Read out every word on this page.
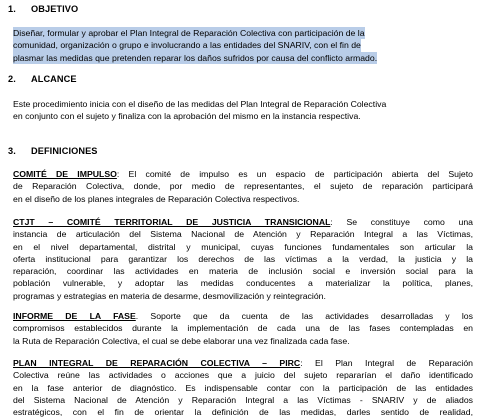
1. OBJETIVO
Diseñar, formular y aprobar el Plan Integral de Reparación Colectiva con participación de la comunidad, organización o grupo e involucrando a las entidades del SNARIV, con el fin de plasmar las medidas que pretenden reparar los daños sufridos por causa del conflicto armado.
2. ALCANCE
Este procedimiento inicia con el diseño de las medidas del Plan Integral de Reparación Colectiva
en conjunto con el sujeto y finaliza con la aprobación del mismo en la instancia respectiva.
3. DEFINICIONES
COMITÉ DE IMPULSO: El comité de impulso es un espacio de participación abierta del Sujeto
de Reparación Colectiva, donde, por medio de representantes, el sujeto de reparación participará
en el diseño de los planes integrales de Reparación Colectiva respectivos.
CTJT – COMITÉ TERRITORIAL DE JUSTICIA TRANSICIONAL: Se constituye como una
instancia de articulación del Sistema Nacional de Atención y Reparación Integral a las Víctimas,
en el nivel departamental, distrital y municipal, cuyas funciones fundamentales son articular la
oferta institucional para garantizar los derechos de las víctimas a la verdad, la justicia y la
reparación, coordinar las actividades en materia de inclusión social e inversión social para la
población vulnerable, y adoptar las medidas conducentes a materializar la política, planes,
programas y estrategias en materia de desarme, desmovilización y reintegración.
INFORME DE LA FASE. Soporte que da cuenta de las actividades desarrolladas y los
compromisos establecidos durante la implementación de cada una de las fases contempladas en
la Ruta de Reparación Colectiva, el cual se debe elaborar una vez finalizada cada fase.
PLAN INTEGRAL DE REPARACIÓN COLECTIVA – PIRC: El Plan Integral de Reparación
Colectiva reúne las actividades o acciones que a juicio del sujeto repararían el daño identificado
en la fase anterior de diagnóstico. Es indispensable contar con la participación de las entidades
del Sistema Nacional de Atención y Reparación Integral a las Víctimas - SNARIV y de aliados
estratégicos, con el fin de orientar la definición de las medidas, darles sentido de realidad,
